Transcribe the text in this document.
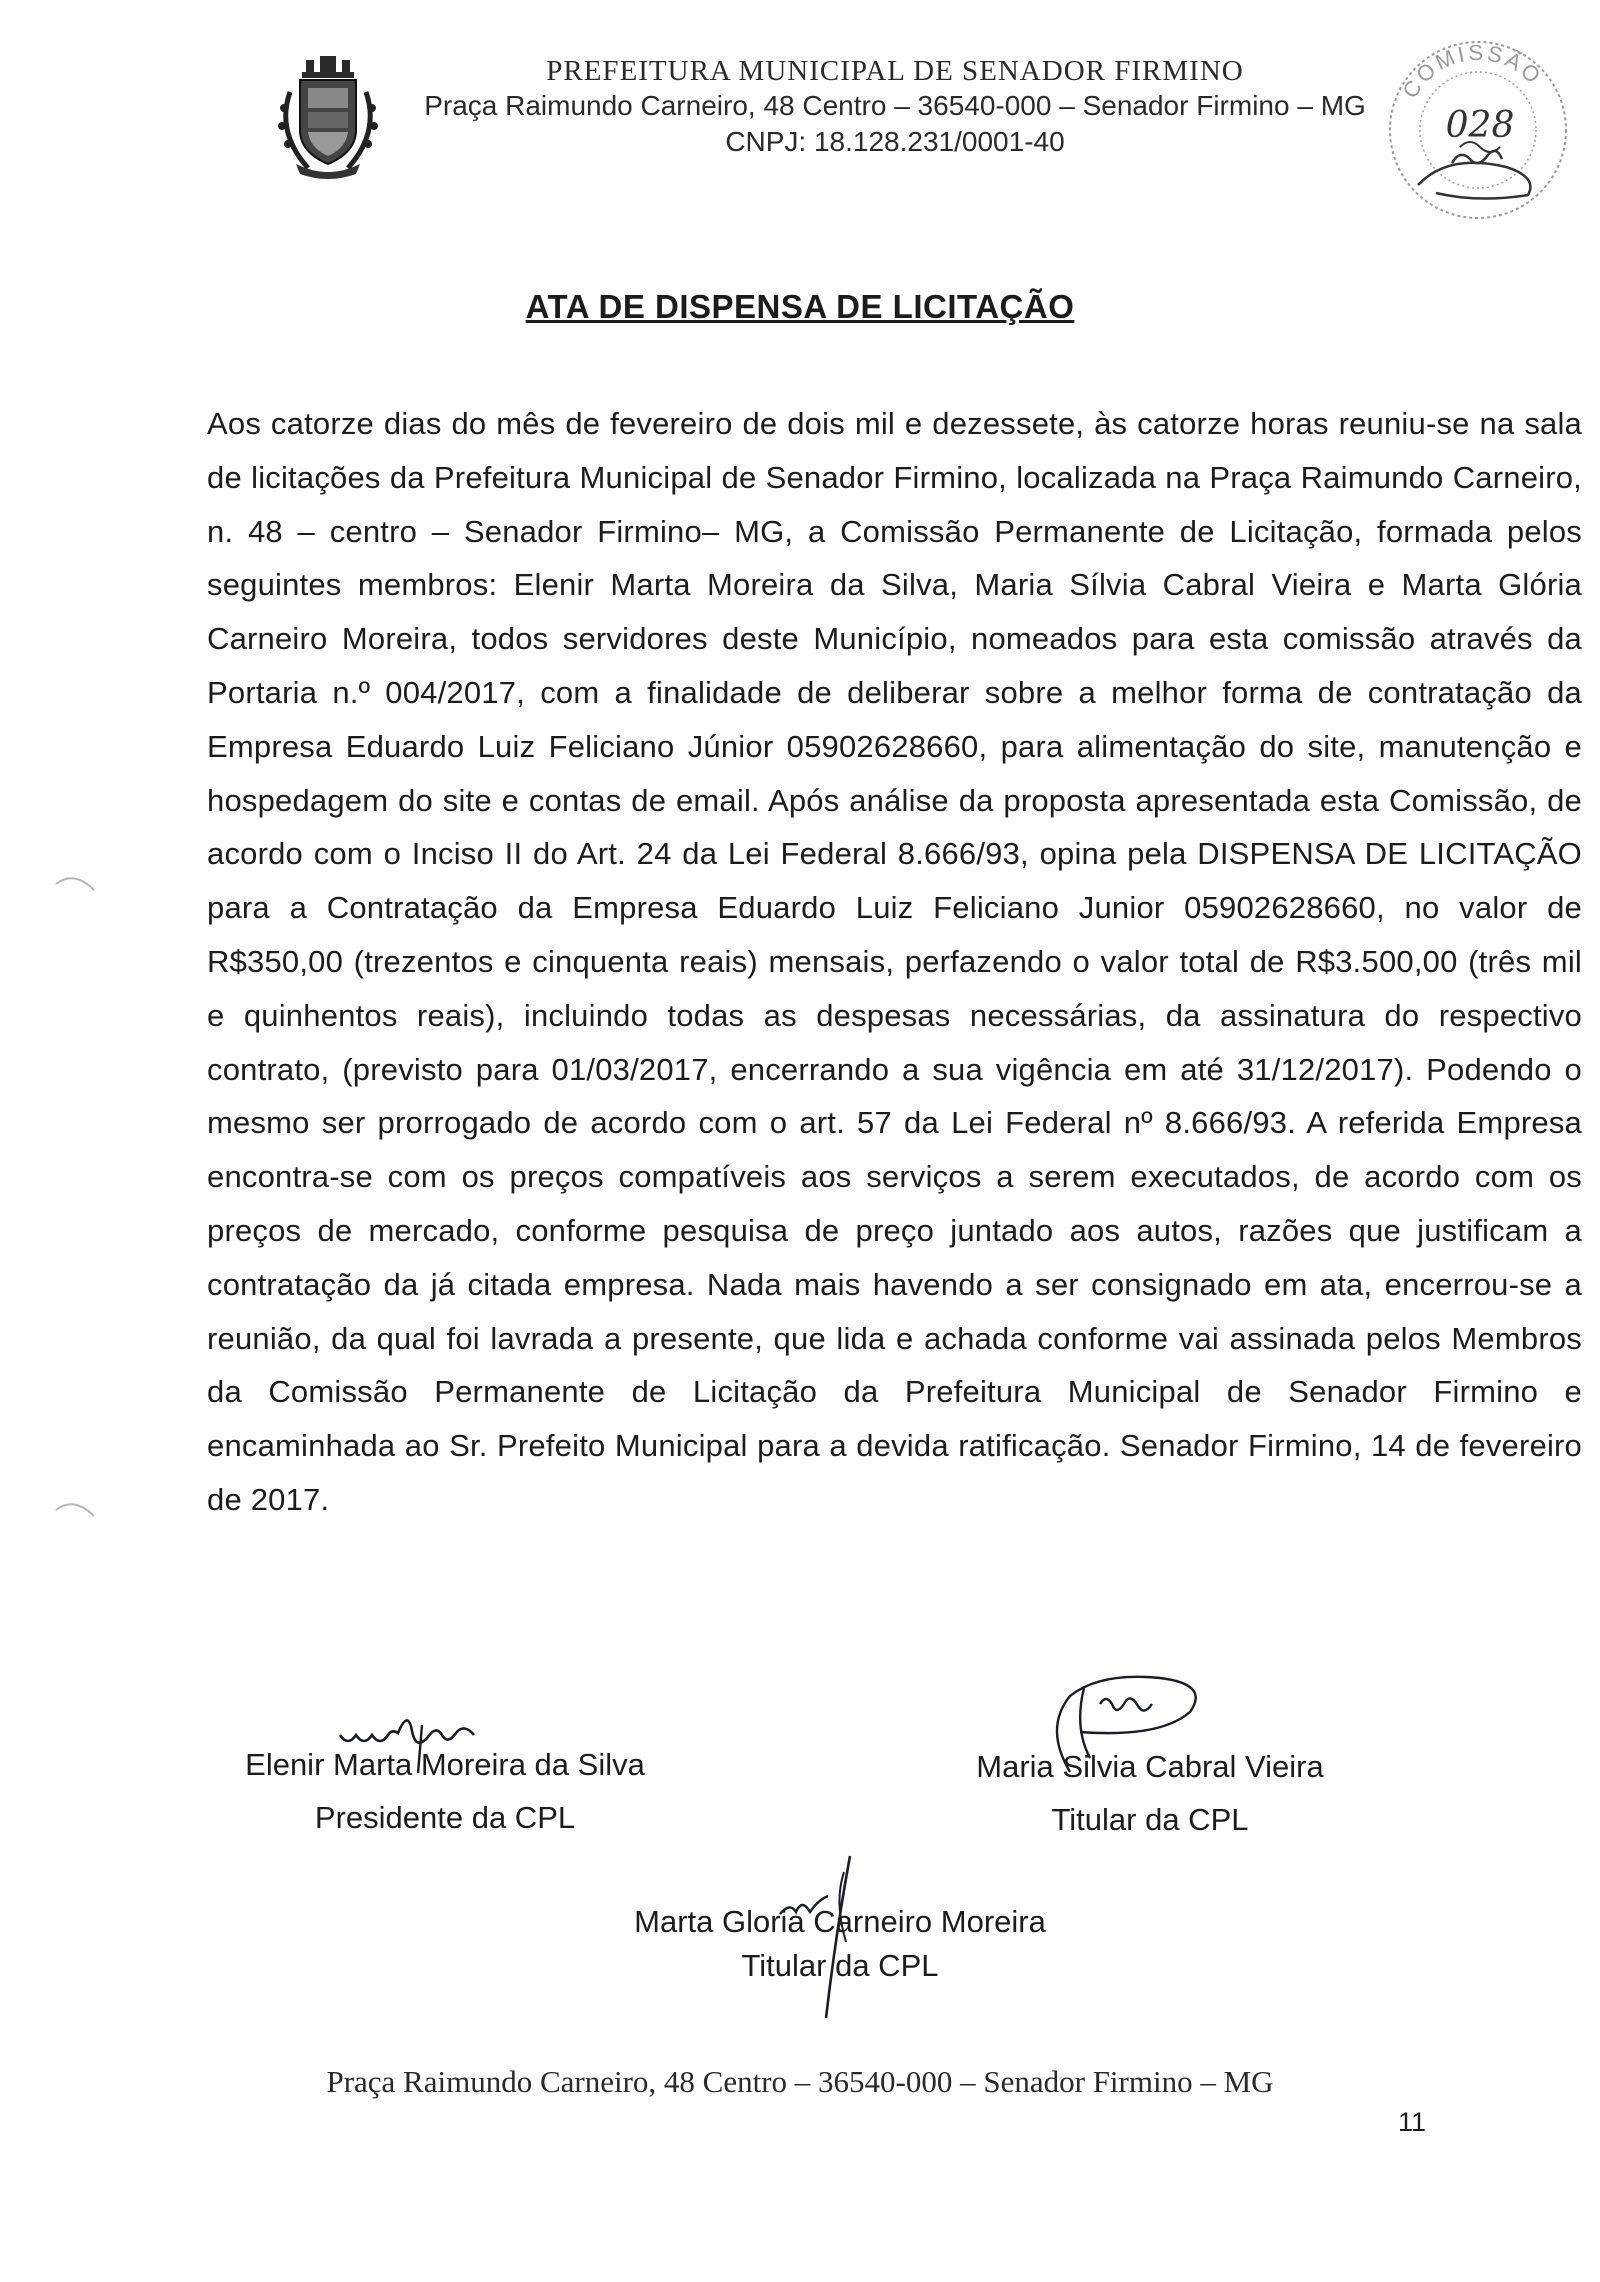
PREFEITURA MUNICIPAL DE SENADOR FIRMINO
Praça Raimundo Carneiro, 48 Centro – 36540-000 – Senador Firmino – MG
CNPJ: 18.128.231/0001-40
COMISSÃO
028
ATA DE DISPENSA DE LICITAÇÃO
Aos catorze dias do mês de fevereiro de dois mil e dezessete, às catorze horas reuniu-se na sala de licitações da Prefeitura Municipal de Senador Firmino, localizada na Praça Raimundo Carneiro, n. 48 – centro – Senador Firmino– MG, a Comissão Permanente de Licitação, formada pelos seguintes membros: Elenir Marta Moreira da Silva, Maria Sílvia Cabral Vieira e Marta Glória Carneiro Moreira, todos servidores deste Município, nomeados para esta comissão através da Portaria n.º 004/2017, com a finalidade de deliberar sobre a melhor forma de contratação da Empresa Eduardo Luiz Feliciano Júnior 05902628660, para alimentação do site, manutenção e hospedagem do site e contas de email. Após análise da proposta apresentada esta Comissão, de acordo com o Inciso II do Art. 24 da Lei Federal 8.666/93, opina pela DISPENSA DE LICITAÇÃO para a Contratação da Empresa Eduardo Luiz Feliciano Junior 05902628660, no valor de R$350,00 (trezentos e cinquenta reais) mensais, perfazendo o valor total de R$3.500,00 (três mil e quinhentos reais), incluindo todas as despesas necessárias, da assinatura do respectivo contrato, (previsto para 01/03/2017, encerrando a sua vigência em até 31/12/2017). Podendo o mesmo ser prorrogado de acordo com o art. 57 da Lei Federal nº 8.666/93. A referida Empresa encontra-se com os preços compatíveis aos serviços a serem executados, de acordo com os preços de mercado, conforme pesquisa de preço juntado aos autos, razões que justificam a contratação da já citada empresa. Nada mais havendo a ser consignado em ata, encerrou-se a reunião, da qual foi lavrada a presente, que lida e achada conforme vai assinada pelos Membros da Comissão Permanente de Licitação da Prefeitura Municipal de Senador Firmino e encaminhada ao Sr. Prefeito Municipal para a devida ratificação. Senador Firmino, 14 de fevereiro de 2017.
Elenir Marta Moreira da Silva
Presidente da CPL
Maria Silvia Cabral Vieira
Titular da CPL
Marta Gloria Carneiro Moreira
Titular da CPL
Praça Raimundo Carneiro, 48 Centro – 36540-000 – Senador Firmino – MG
11
